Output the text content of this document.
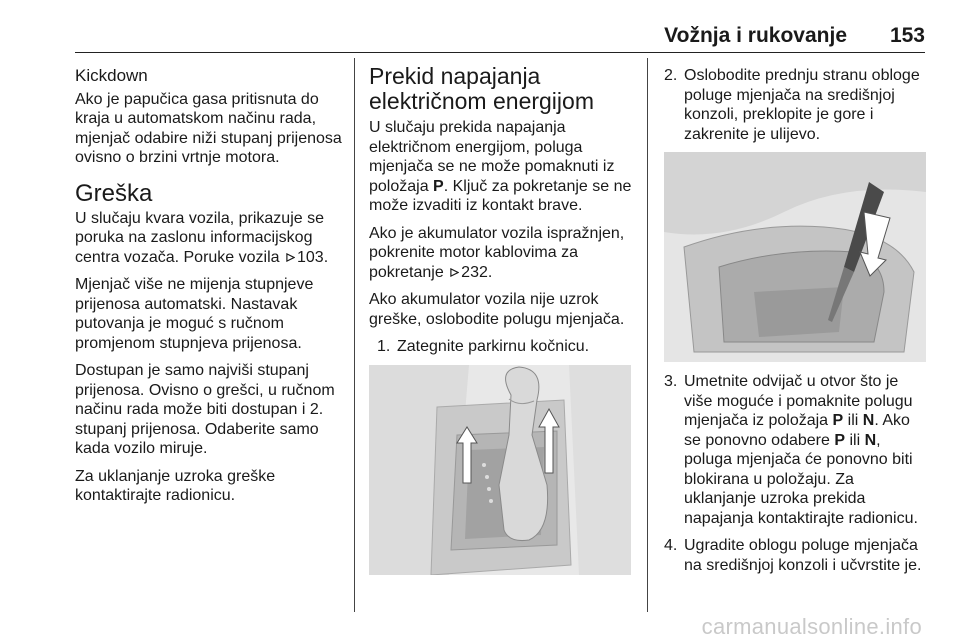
Vožnja i rukovanje 153
Kickdown

Ako je papučica gasa pritisnuta do kraja u automatskom načinu rada, mjenjač odabire niži stupanj prijenosa ovisno o brzini vrtnje motora.

Greška

U slučaju kvara vozila, prikazuje se poruka na zaslonu informacijskog centra vozača. Poruke vozila 103.

Mjenjač više ne mijenja stupnjeve prijenosa automatski. Nastavak putovanja je moguć s ručnom promjenom stupnjeva prijenosa.

Dostupan je samo najviši stupanj prijenosa. Ovisno o grešci, u ručnom načinu rada može biti dostupan i 2. stupanj prijenosa. Odaberite samo kada vozilo miruje.

Za uklanjanje uzroka greške kontaktirajte radionicu.

Prekid napajanja električnom energijom

U slučaju prekida napajanja električnom energijom, poluga mjenjača se ne može pomaknuti iz položaja P. Ključ za pokretanje se ne može izvaditi iz kontakt brave.

Ako je akumulator vozila ispražnjen, pokrenite motor kablovima za pokretanje 232.

Ako akumulator vozila nije uzrok greške, oslobodite polugu mjenjača.

1. Zategnite parkirnu kočnicu.
2. Oslobodite prednju stranu obloge poluge mjenjača na središnjoj konzoli, preklopite je gore i zakrenite je ulijevo.
3. Umetnite odvijač u otvor što je više moguće i pomaknite polugu mjenjača iz položaja P ili N. Ako se ponovno odabere P ili N, poluga mjenjača će ponovno biti blokirana u položaju. Za uklanjanje uzroka prekida napajanja kontaktirajte radionicu.
4. Ugradite oblogu poluge mjenjača na središnjoj konzoli i učvrstite je.
carmanualsonline.info
